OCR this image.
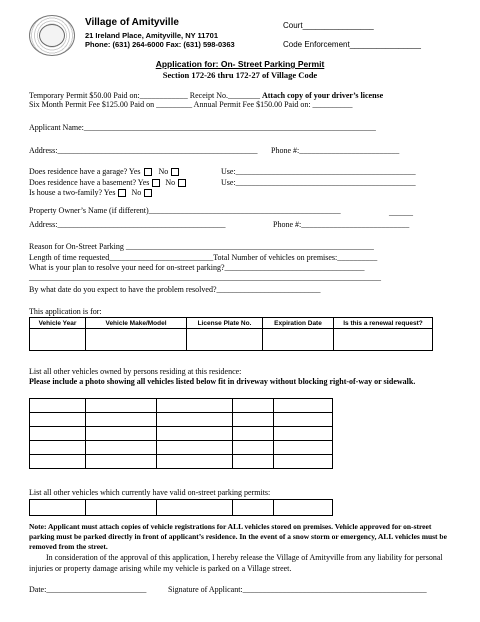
Village of Amityville
21 Ireland Place, Amityville, NY 11701
Phone: (631) 264-6000 Fax: (631) 598-0363
Court________________
Code Enforcement________________
Application for: On- Street Parking Permit
Section 172-26 thru 172-27 of Village Code
Temporary Permit $50.00 Paid on:____________ Receipt No.________ Attach copy of your driver’s license
Six Month Permit Fee $125.00 Paid on _________ Annual Permit Fee $150.00 Paid on: __________
Applicant Name:_________________________________________________________________________
Address:__________________________________________________ Phone #:_________________________
Does residence have a garage? Yes No	Use:_____________________________________________
Does residence have a basement? Yes No	Use:_____________________________________________
Is house a two-family? Yes No
Property Owner’s Name (if different)________________________________________________	______
Address:__________________________________________	Phone #:___________________________
Reason for On-Street Parking ______________________________________________________________
Length of time requested__________________________Total Number of vehicles on premises:__________
What is your plan to resolve your need for on-street parking?___________________________________
________________________________________________________________________________________
By what date do you expect to have the problem resolved?__________________________
This application is for:
Vehicle Year	Vehicle Make/Model	License Plate No.	Expiration Date	Is this a renewal request?

List all other vehicles owned by persons residing at this residence:
Please include a photo showing all vehicles listed below fit in driveway without blocking right-of-way or sidewalk.

List all other vehicles which currently have valid on-street parking permits:

Note: Applicant must attach copies of vehicle registrations for ALL vehicles stored on premises. Vehicle approved for on-street parking must be parked directly in front of applicant’s residence. In the event of a snow storm or emergency, ALL vehicles must be removed from the street.
In consideration of the approval of this application, I hereby release the Village of Amityville from any liability for personal injuries or property damage arising while my vehicle is parked on a Village street.
Date:_________________________	Signature of Applicant:______________________________________________
